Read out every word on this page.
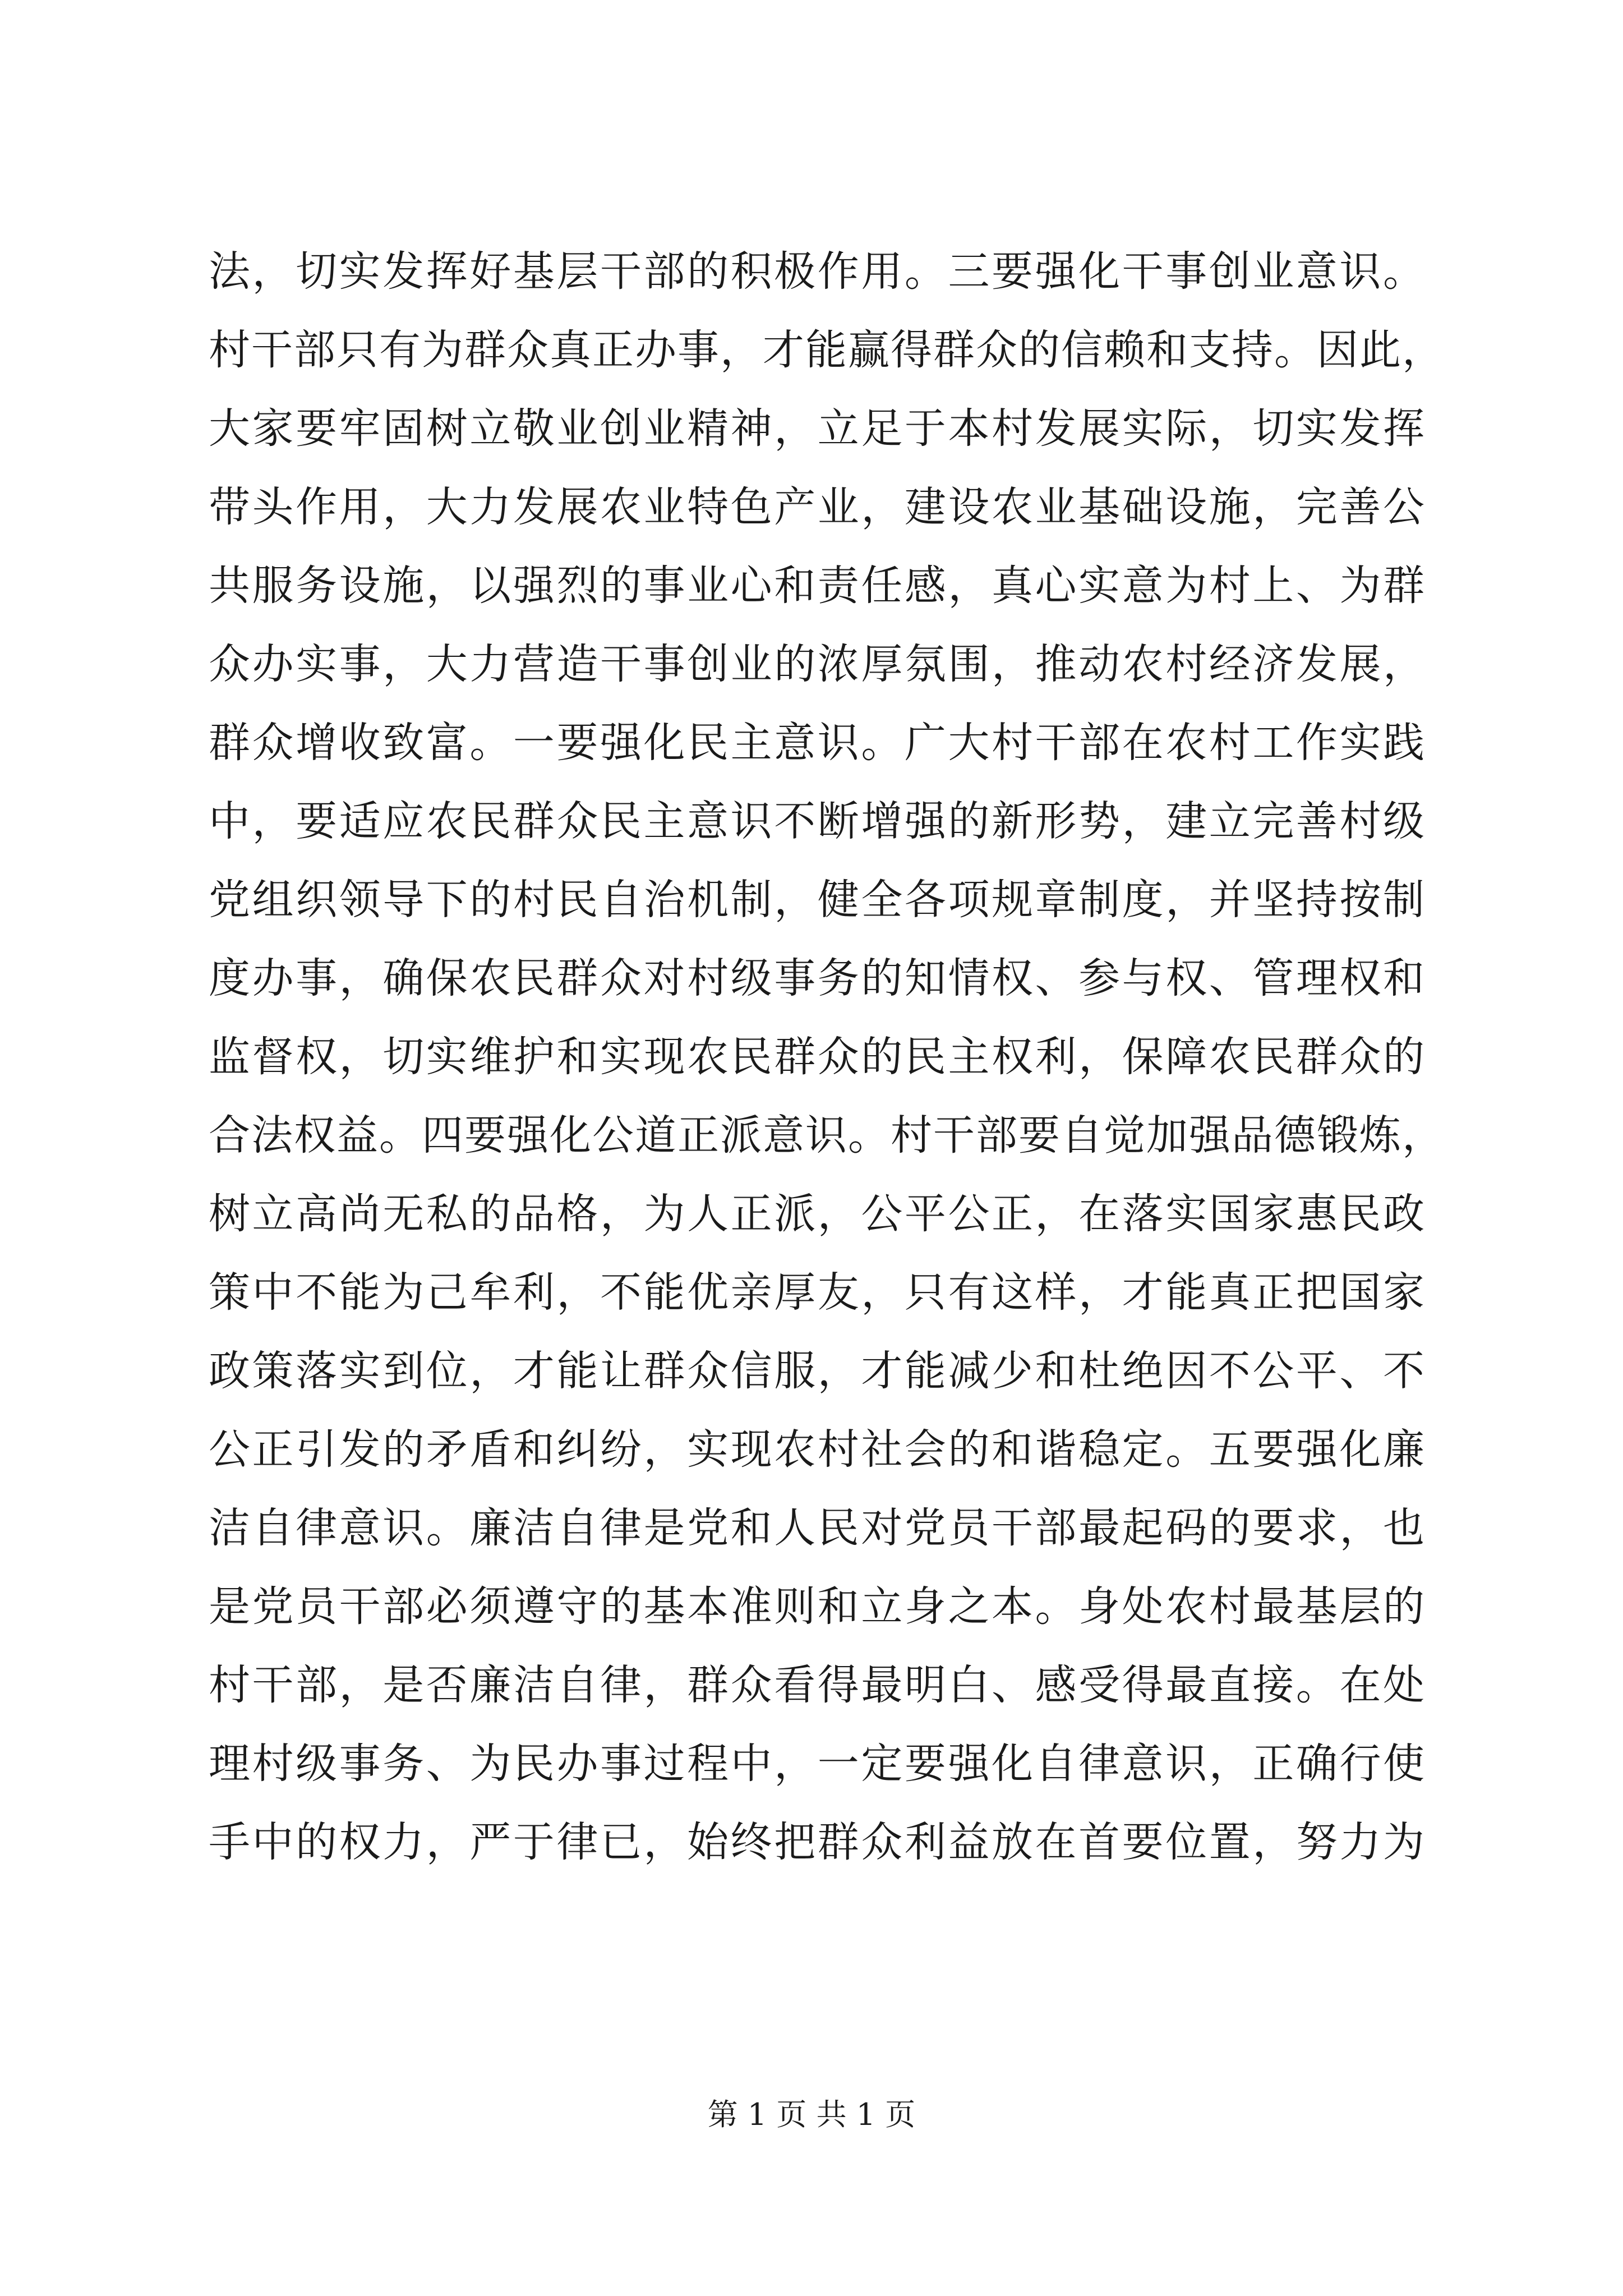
法，切实发挥好基层干部的积极作用。三要强化干事创业意识。
村干部只有为群众真正办事，才能赢得群众的信赖和支持。因此，
大家要牢固树立敬业创业精神，立足于本村发展实际，切实发挥
带头作用，大力发展农业特色产业，建设农业基础设施，完善公
共服务设施，以强烈的事业心和责任感，真心实意为村上、为群
众办实事，大力营造干事创业的浓厚氛围，推动农村经济发展，
群众增收致富。一要强化民主意识。广大村干部在农村工作实践
中，要适应农民群众民主意识不断增强的新形势，建立完善村级
党组织领导下的村民自治机制，健全各项规章制度，并坚持按制
度办事，确保农民群众对村级事务的知情权、参与权、管理权和
监督权，切实维护和实现农民群众的民主权利，保障农民群众的
合法权益。四要强化公道正派意识。村干部要自觉加强品德锻炼，
树立高尚无私的品格，为人正派，公平公正，在落实国家惠民政
策中不能为己牟利，不能优亲厚友，只有这样，才能真正把国家
政策落实到位，才能让群众信服，才能减少和杜绝因不公平、不
公正引发的矛盾和纠纷，实现农村社会的和谐稳定。五要强化廉
洁自律意识。廉洁自律是党和人民对党员干部最起码的要求，也
是党员干部必须遵守的基本准则和立身之本。身处农村最基层的
村干部，是否廉洁自律，群众看得最明白、感受得最直接。在处
理村级事务、为民办事过程中，一定要强化自律意识，正确行使
手中的权力，严于律已，始终把群众利益放在首要位置，努力为
第 1 页 共 1 页
